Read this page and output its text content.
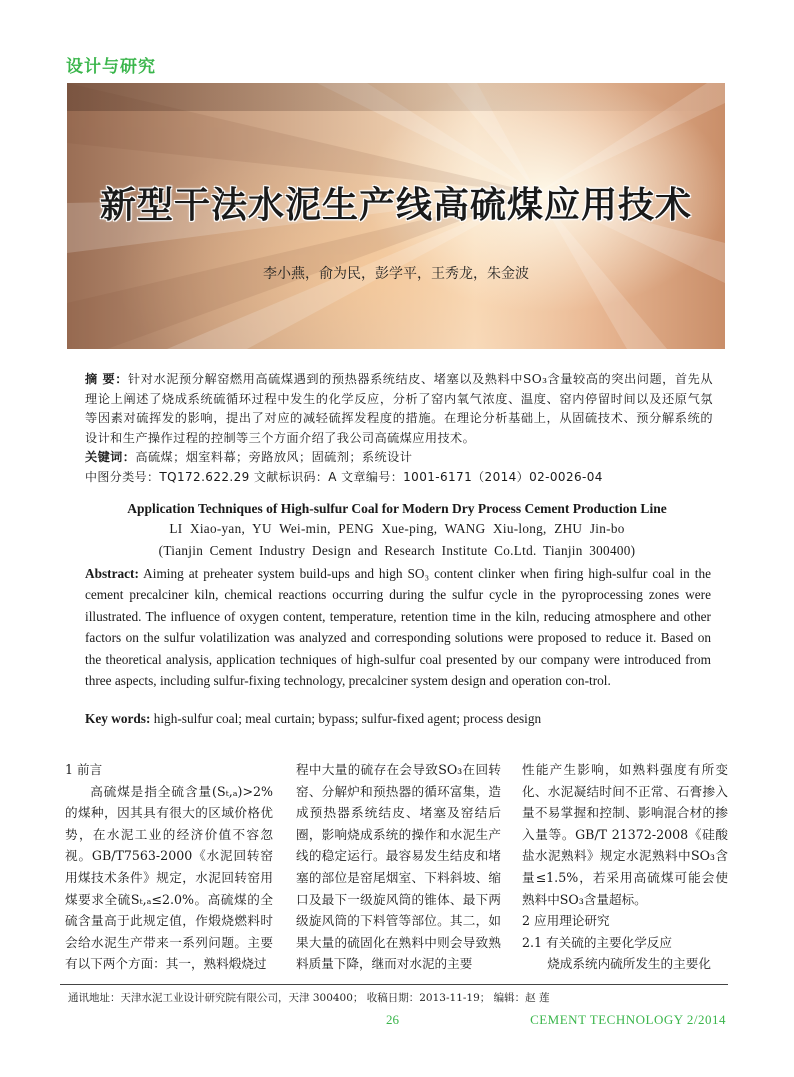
设计与研究
新型干法水泥生产线高硫煤应用技术
李小燕，俞为民，彭学平，王秀龙，朱金波

摘 要：针对水泥预分解窑燃用高硫煤遇到的预热器系统结皮、堵塞以及熟料中SO₃含量较高的突出问题，首先从理论上阐述了烧成系统硫循环过程中发生的化学反应，分析了窑内氧气浓度、温度、窑内停留时间以及还原气氛等因素对硫挥发的影响，提出了对应的减轻硫挥发程度的措施。在理论分析基础上，从固硫技术、预分解系统的设计和生产操作过程的控制等三个方面介绍了我公司高硫煤应用技术。

关键词：高硫煤；烟室料幕；旁路放风；固硫剂；系统设计

中图分类号：TQ172.622.29 文献标识码：A 文章编号：1001-6171（2014）02-0026-04

Application Techniques of High-sulfur Coal for Modern Dry Process Cement Production Line
LI Xiao-yan, YU Wei-min, PENG Xue-ping, WANG Xiu-long, ZHU Jin-bo
(Tianjin Cement Industry Design and Research Institute Co.Ltd. Tianjin 300400)

Abstract: Aiming at preheater system build-ups and high SO₃ content clinker when firing high-sulfur coal in the cement precalciner kiln, chemical reactions occurring during the sulfur cycle in the pyroprocessing zones were illustrated. The influence of oxygen content, temperature, retention time in the kiln, reducing atmosphere and other factors on the sulfur volatilization was analyzed and corresponding solutions were proposed to reduce it. Based on the theoretical analysis, application techniques of high-sulfur coal presented by our company were introduced from three aspects, including sulfur-fixing technology, precalciner system design and operation con-trol.

Key words: high-sulfur coal; meal curtain; bypass; sulfur-fixed agent; process design

1 前言

高硫煤是指全硫含量(Sₜ,ₐ)>2%的煤种，因其具有很大的区域价格优势，在水泥工业的经济价值不容忽视。GB/T7563-2000《水泥回转窑用煤技术条件》规定，水泥回转窑用煤要求全硫Sₜ,ₐ≤2.0%。高硫煤的全硫含量高于此规定值，作煅烧燃料时会给水泥生产带来一系列问题。主要有以下两个方面：其一，熟料煅烧过

程中大量的硫存在会导致SO₃在回转窑、分解炉和预热器的循环富集，造成预热器系统结皮、堵塞及窑结后圈，影响烧成系统的操作和水泥生产线的稳定运行。最容易发生结皮和堵塞的部位是窑尾烟室、下料斜坡、缩口及最下一级旋风筒的锥体、最下两级旋风筒的下料管等部位。其二，如果大量的硫固化在熟料中则会导致熟料质量下降，继而对水泥的主要

性能产生影响，如熟料强度有所变化、水泥凝结时间不正常、石膏掺入量不易掌握和控制、影响混合材的掺入量等。GB/T 21372-2008《硅酸盐水泥熟料》规定水泥熟料中SO₃含量≤1.5%，若采用高硫煤可能会使熟料中SO₃含量超标。

2 应用理论研究

2.1 有关硫的主要化学反应

烧成系统内硫所发生的主要化

通讯地址：天津水泥工业设计研究院有限公司，天津 300400； 收稿日期：2013-11-19； 编辑：赵 莲
26	CEMENT TECHNOLOGY 2/2014
